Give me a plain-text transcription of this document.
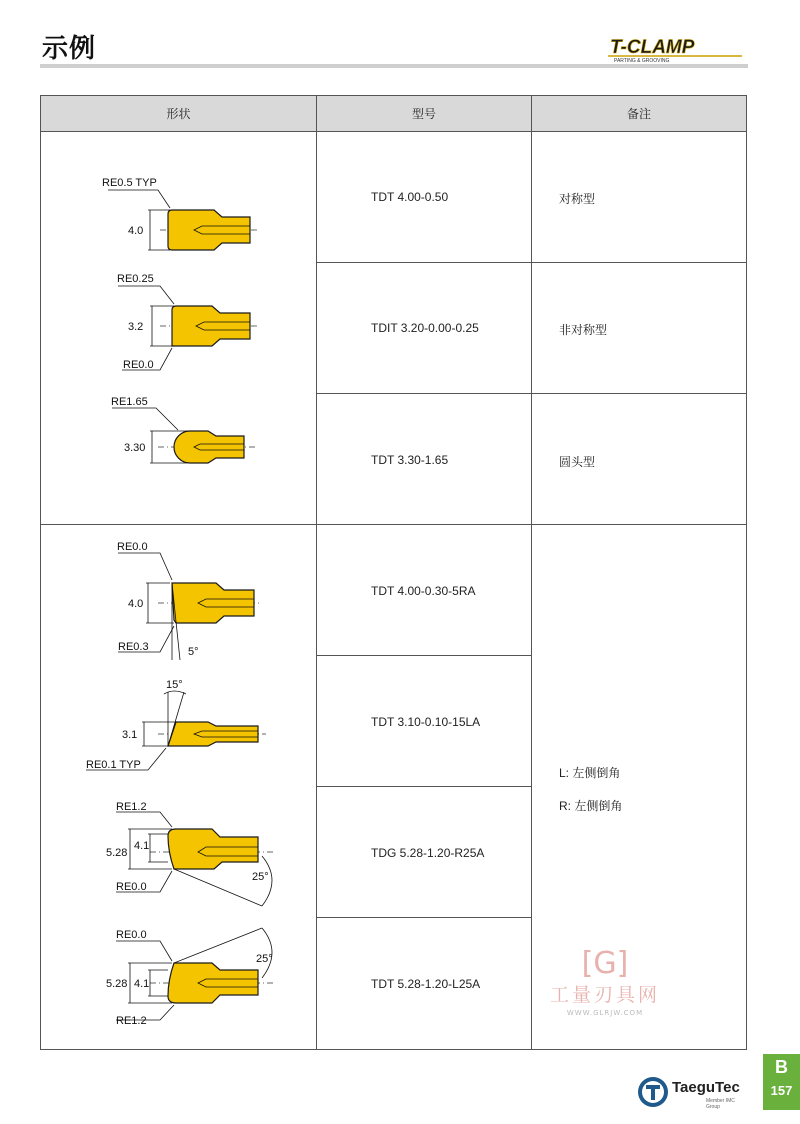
示例	T-CLAMP
PARTING & GROOVING
形状	型号	备注
TDT 4.00-0.50	对称型
TDIT 3.20-0.00-0.25	非对称型
TDT 3.30-1.65	圆头型
TDT 4.00-0.30-5RA
TDT 3.10-0.10-15LA
TDG 5.28-1.20-R25A
TDT 5.28-1.20-L25A
L: 左侧倒角
R: 左侧倒角
RE0.5 TYP
4.0
RE0.25
3.2
RE0.0
RE1.65
3.30
RE0.0
4.0
RE0.3	5°
15°
3.1
RE0.1 TYP
RE1.2
5.28
4.1
RE0.0
25°
RE0.0
5.28 4.1
RE1.2
25°	[G]
工量刃具网
WWW.GLRJW.COM
TaeguTec
Member IMC Group
B
157
